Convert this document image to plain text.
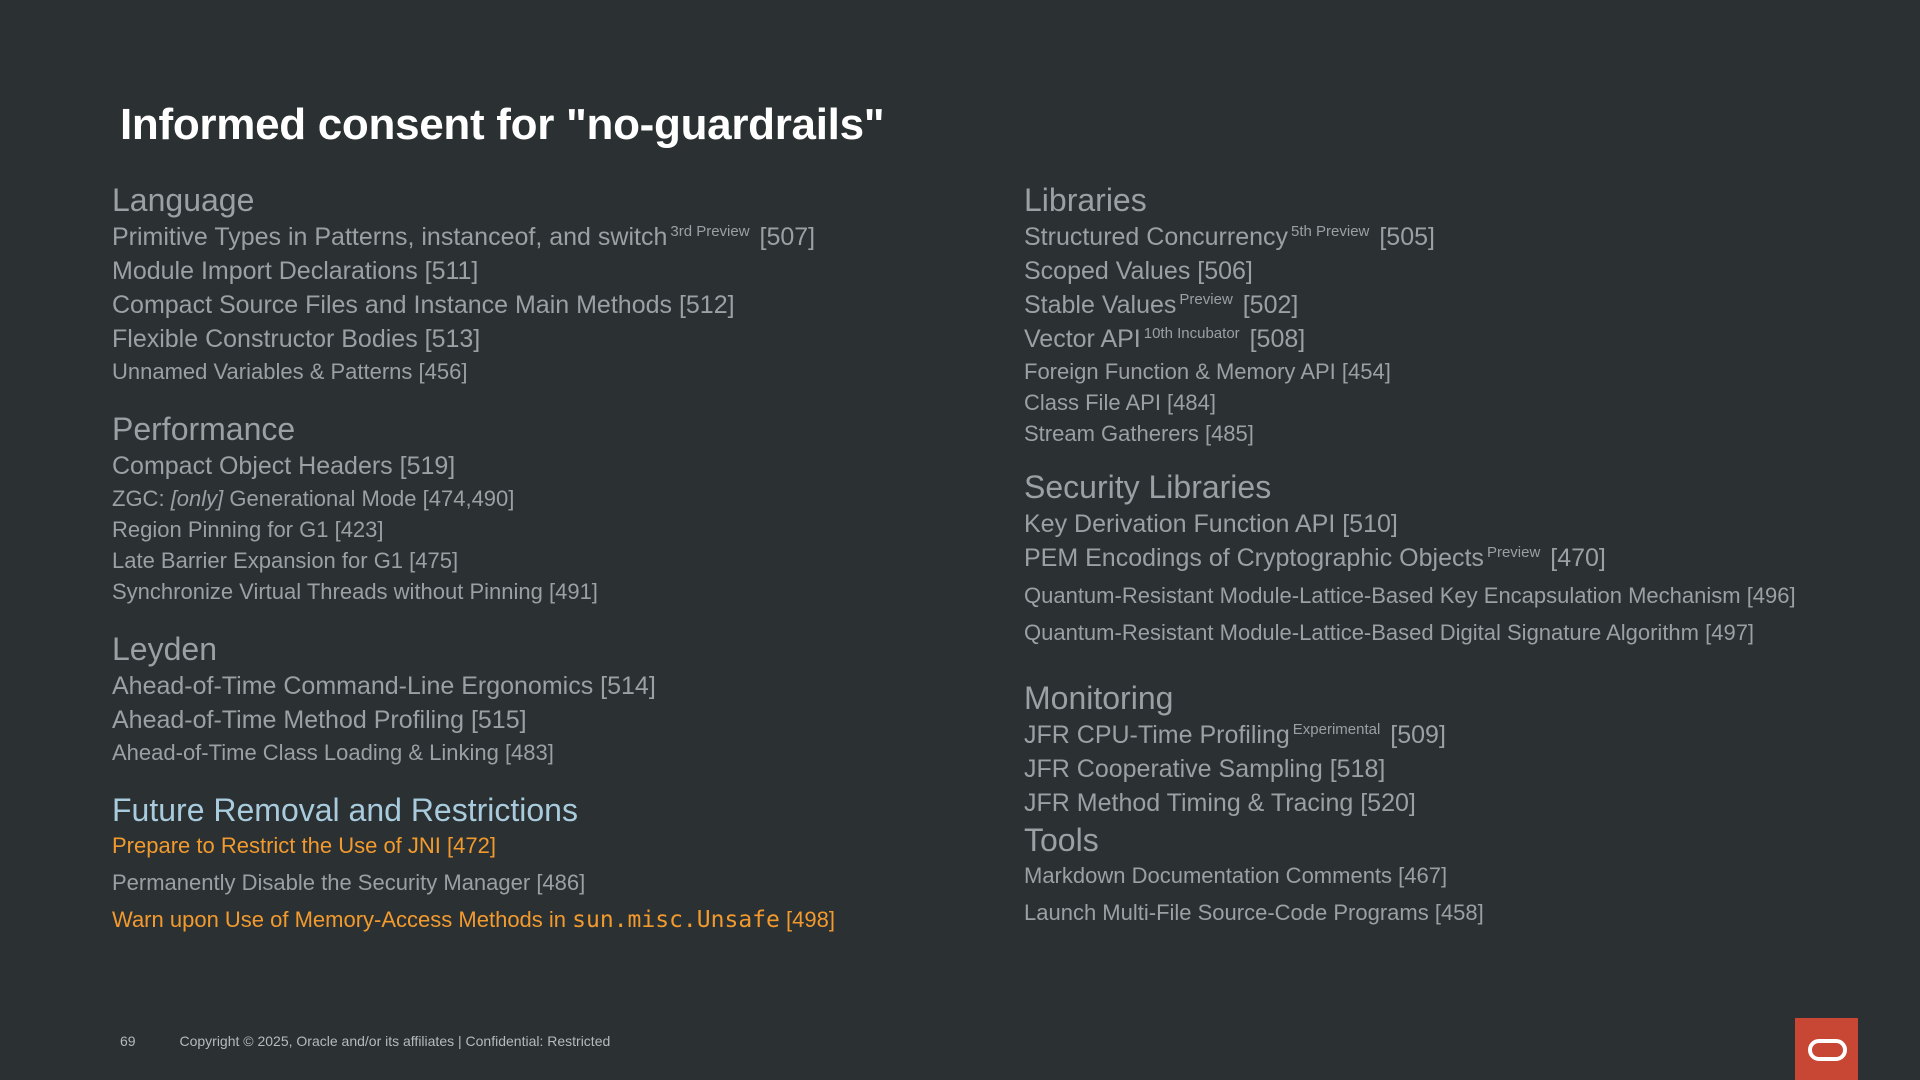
Informed consent for "no-guardrails"
Language
Primitive Types in Patterns, instanceof, and switch $^{3rd Preview}$ [507]
Module Import Declarations [511]
Compact Source Files and Instance Main Methods [512]
Flexible Constructor Bodies [513]
Unnamed Variables & Patterns [456]
Performance
Compact Object Headers [519]
ZGC: [only] Generational Mode [474,490]
Region Pinning for G1 [423]
Late Barrier Expansion for G1 [475]
Synchronize Virtual Threads without Pinning [491]
Leyden
Ahead-of-Time Command-Line Ergonomics [514]
Ahead-of-Time Method Profiling [515]
Ahead-of-Time Class Loading & Linking [483]
Future Removal and Restrictions
Prepare to Restrict the Use of JNI [472]
Permanently Disable the Security Manager [486]
Warn upon Use of Memory-Access Methods in sun.misc.Unsafe [498]
Libraries
Structured Concurrency $^{5th Preview}$ [505]
Scoped Values [506]
Stable Values $^{Preview}$ [502]
Vector API $^{10th Incubator}$ [508]
Foreign Function & Memory API [454]
Class File API [484]
Stream Gatherers [485]
Security Libraries
Key Derivation Function API [510]
PEM Encodings of Cryptographic Objects $^{Preview}$ [470]
Quantum-Resistant Module-Lattice-Based Key Encapsulation Mechanism [496]
Quantum-Resistant Module-Lattice-Based Digital Signature Algorithm [497]
Monitoring
JFR CPU-Time Profiling $^{Experimental}$ [509]
JFR Cooperative Sampling [518]
JFR Method Timing & Tracing [520]
Tools
Markdown Documentation Comments [467]
Launch Multi-File Source-Code Programs [458]
69	Copyright © 2025, Oracle and/or its affiliates | Confidential: Restricted
